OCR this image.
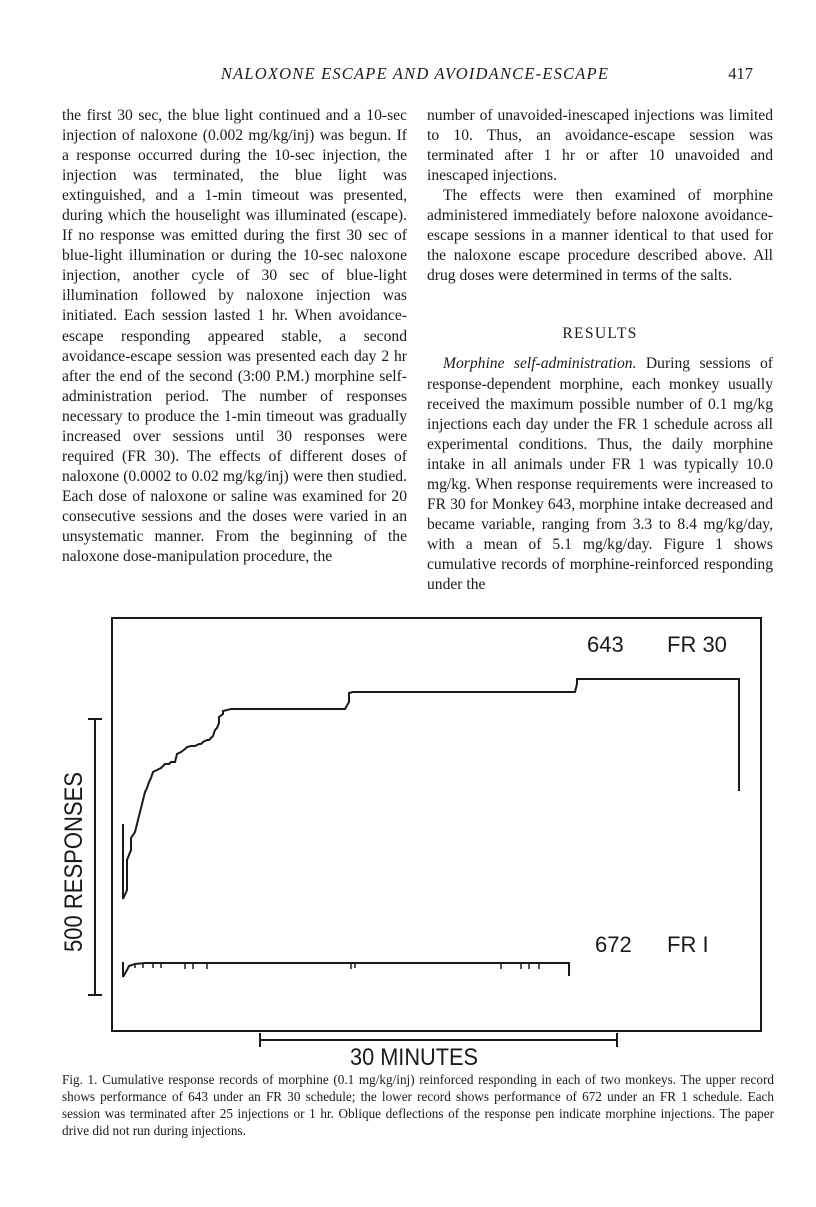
NALOXONE ESCAPE AND AVOIDANCE-ESCAPE	417

the first 30 sec, the blue light continued and a 10-sec injection of naloxone (0.002 mg/kg/inj) was begun. If a response occurred during the 10-sec injection, the injection was terminated, the blue light was extinguished, and a 1-min timeout was presented, during which the houselight was illuminated (escape). If no response was emitted during the first 30 sec of blue-light illumination or during the 10-sec naloxone injection, another cycle of 30 sec of blue-light illumination followed by naloxone injection was initiated. Each session lasted 1 hr. When avoidance-escape responding appeared stable, a second avoidance-escape session was presented each day 2 hr after the end of the second (3:00 P.M.) morphine self-administration period. The number of responses necessary to produce the 1-min timeout was gradually increased over sessions until 30 responses were required (FR 30). The effects of different doses of naloxone (0.0002 to 0.02 mg/kg/inj) were then studied. Each dose of naloxone or saline was examined for 20 consecutive sessions and the doses were varied in an unsystematic manner. From the beginning of the naloxone dose-manipulation procedure, the

number of unavoided-inescaped injections was limited to 10. Thus, an avoidance-escape session was terminated after 1 hr or after 10 unavoided and inescaped injections.

The effects were then examined of morphine administered immediately before naloxone avoidance-escape sessions in a manner identical to that used for the naloxone escape procedure described above. All drug doses were determined in terms of the salts.

RESULTS

Morphine self-administration. During sessions of response-dependent morphine, each monkey usually received the maximum possible number of 0.1 mg/kg injections each day under the FR 1 schedule across all experimental conditions. Thus, the daily morphine intake in all animals under FR 1 was typically 10.0 mg/kg. When response requirements were increased to FR 30 for Monkey 643, morphine intake decreased and became variable, ranging from 3.3 to 8.4 mg/kg/day, with a mean of 5.1 mg/kg/day. Figure 1 shows cumulative records of morphine-reinforced responding under the

500 RESPONSES
643 FR 30
672 FR I
30 MINUTES

Fig. 1. Cumulative response records of morphine (0.1 mg/kg/inj) reinforced responding in each of two monkeys. The upper record shows performance of 643 under an FR 30 schedule; the lower record shows performance of 672 under an FR 1 schedule. Each session was terminated after 25 injections or 1 hr. Oblique deflections of the response pen indicate morphine injections. The paper drive did not run during injections.
